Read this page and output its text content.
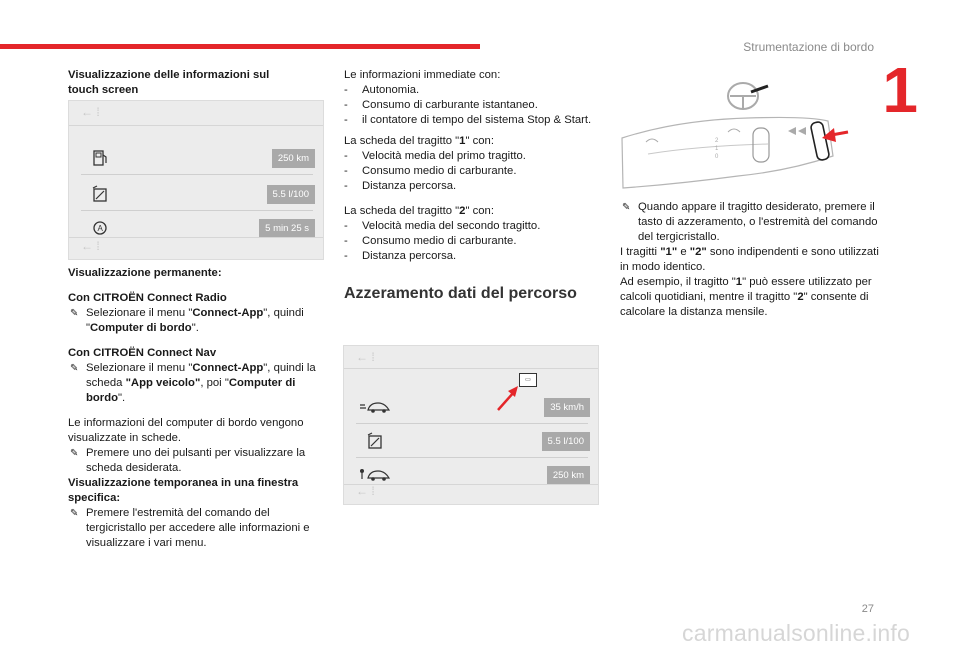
Strumentazione di bordo
1

Visualizzazione delle informazioni sul touch screen

← ⁞
250 km
5.5 l/100
A	5 min 25 s
← ⁞

Visualizzazione permanente:

Con CITROËN Connect Radio

✎ Selezionare il menu "Connect-App", quindi "Computer di bordo".

Con CITROËN Connect Nav

✎ Selezionare il menu "Connect-App", quindi la scheda "App veicolo", poi "Computer di bordo".

Le informazioni del computer di bordo vengono visualizzate in schede.

✎ Premere uno dei pulsanti per visualizzare la scheda desiderata.

Visualizzazione temporanea in una finestra specifica:

✎ Premere l'estremità del comando del tergicristallo per accedere alle informazioni e visualizzare i vari menu.

Le informazioni immediate con:

- Autonomia.

- Consumo di carburante istantaneo.

- il contatore di tempo del sistema Stop & Start.

La scheda del tragitto "1" con:

- Velocità media del primo tragitto.

- Consumo medio di carburante.

- Distanza percorsa.

La scheda del tragitto "2" con:

- Velocità media del secondo tragitto.

- Consumo medio di carburante.

- Distanza percorsa.

Azzeramento dati del percorso

← ⁞
▭
35 km/h
5.5 l/100
250 km
← ⁞
2
1
0

✎ Quando appare il tragitto desiderato, premere il tasto di azzeramento, o l'estremità del comando del tergicristallo.

I tragitti "1" e "2" sono indipendenti e sono utilizzati in modo identico.

Ad esempio, il tragitto "1" può essere utilizzato per calcoli quotidiani, mentre il tragitto "2" consente di calcolare la distanza mensile.

27
carmanualsonline.info
